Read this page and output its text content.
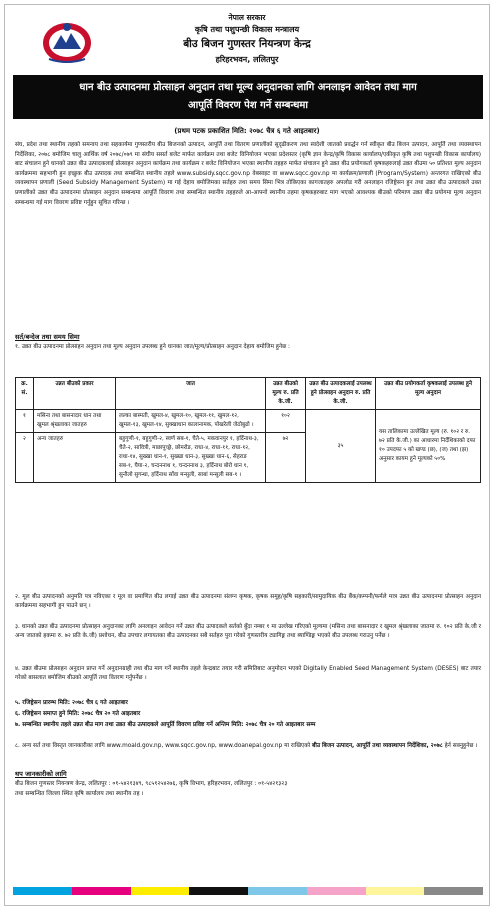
नेपाल सरकार
कृषि तथा पशुपन्छी विकास मन्त्रालय
बीउ बिजन गुणस्तर नियन्त्रण केन्द्र
हरिहरभवन, ललितपुर
धान बीउ उत्पादनमा प्रोत्साहन अनुदान तथा मूल्य अनुदानका लागि अनलाइन आवेदन तथा माग
आपूर्ति विवरण पेश गर्ने सम्बन्धमा
(प्रथम पटक प्रकाशित मिति: २०७८ चैत्र ६ गते आइतबार)
संघ, प्रदेश तथा स्थानीय तहको समन्वय तथा सहकार्यमा गुणस्तरीय बीउ बिजनको उत्पादन, आपूर्ति तथा वितरण प्रणालीको सुदृढीकरण तथा स्वदेशी जातको प्रवर्द्धन गर्न स्वीकृत बीउ बिजन उत्पादन, आपूर्ति तथा व्यवस्थापन निर्देशिका, २०७८ बमोजिम चालु आर्थिक वर्ष २०७८/०७९ मा संघीय ससर्त बजेट मार्फत कार्यक्रम तथा बजेट विनियोजन भएका प्रदेशस्तर (कृषि ज्ञान केन्द्र/कृषि विकास कार्यालय/एकीकृत कृषि तथा पशुपन्छी विकास कार्यालय) बाट संचालन हुने धानको उन्नत बीउ उत्पादकलाई प्रोत्साहन अनुदान कार्यक्रम तथा कार्यक्रम र बजेट विनियोजन भएका स्थानीय तहहरु मार्फत संचालन हुने उन्नत बीउ प्रयोगकर्ता कृषकहरुलाई उन्नत बीउमा ५० प्रतिशत मूल्य अनुदान कार्यक्रममा सहभागी हुन इच्छुक बीउ उत्पादक तथा सम्बन्धित स्थानीय तहले www.subsidy.sqcc.gov.np वेबसाइट वा www.sqcc.gov.np मा कार्यक्रम/प्रणाली (Program/System) अन्तरगत राखिएको बीउ व्यवस्थापन प्रणाली (Seed Subsidy Management System) मा गई देहाय बमोजिमका सर्तहरु तथा समय सिमा भित्र तोकिएका कागजातहरु अपलोड गरी अनलाइन रजिष्ट्रेसन हुन तथा उन्नत बीउ उत्पादकले उक्त प्रणालीको उन्नत बीउ उत्पादनमा प्रोत्साहन अनुदान सम्बन्धमा आपूर्ति विवरण तथा सम्बन्धित स्थानीय तहहरुले आ-आफ्नो स्थानीय तहमा कृषकहरुबाट माग भएको आवश्यक बीउको परिमाण उन्नत बीउ प्रयोगमा मूल्य अनुदान सम्बन्धमा गई माग विवरण प्रविष्ट गर्नुहुन सूचित गरिन्छ ।
सर्त/बन्देज तथा समय सिमा
१. उन्नत बीउ उत्पादनमा प्रोत्साहन अनुदान तथा मूल्य अनुदान उपलब्ध हुने धानका जात/मूल्य/प्रोत्साहन अनुदान देहाय बमोजिम हुनेछ :
क्र. सं.	उन्नत बीउको प्रकार	जात	उन्नत बीउको मूल्य रु. प्रति के.जी.	उन्नत बीउ उत्पादकलाई उपलब्ध हुने प्रोत्साहन अनुदान रु. प्रति के.जी.	उन्नत बीउ प्रयोगकर्ता कृषकलाई उपलब्ध हुने मूल्य अनुदान
१	मसिना तथा बासनादार धान तथा खुमल श्रृंखलाका जातहरु	लल्का बास्मती, खुमल-४, खुमल-१०, खुमल-११, खुमल-१२, खुमल-१३, खुमल-१४, सुक्खाधान कालानामक, पोखरेली जेठोबुढो ।	१०२	३५	यस तालिकामा उल्लेखित मूल्य (रु. १०२ र रु. ७२ प्रति के.जी.) का आधारमा निर्देशिकाको दफा १० उपदफा ५ को खण्ड (छ), (ज) तथा (झ) अनुसार कायम हुने मूल्यको ५०%
२	अन्य जातहरु	बहुगुणी-१, बहुगुणी-२, स्वर्ण सब-१, चैते-५, मकवानपुर १, हर्दिनाथ-३, चैते-२, सावित्री, माछापुच्छ्रे, छोमरोङ, राधा-४, राधा-११, राधा-१२, राधा-१४, सुख्खा धान-१, सुख्खा धान-३, सुख्खा धान-६, सेहराङ सब-१, घैया-२, चन्दननाथ १, चन्दननाथ ३, हर्दिनाथ बोरो धान १, सुनौलो सुगन्धा, हर्दिनाथ साँवा मन्सुली, साबां मन्सुली सब-१ ।	७२		
२. मूल बीउ उत्पादनको अनुमति पत्र नविएका र मूल वा प्रमाणित बीउ लगाई उन्नत बीउ उत्पादनमा संलग्न कृषक, कृषक समूह/कृषि सहकारी/सामुदायिक बीउ बैंक/कम्पनी/फर्मले मात्र उन्नत बीउ उत्पादनमा प्रोत्साहन अनुदान कार्यक्रममा सहभागी हुन पाउने छन् ।
३. धानको उन्नत बीउ उत्पादनमा प्रोत्साहन अनुदानका लागि अनलाइन आवेदन गर्ने उन्नत बीउ उत्पादकले सर्तको बुँदा नम्बर १ मा उल्लेख गरिएको मूल्यमा (मसिना तथा बासनादार र खुमल श्रृंखलाका जातमा रु. १०२ प्रति के.जी र अन्य जातको हकमा रु. ७२ प्रति के.जी) प्रशोधन, बीउ उपचार लगायतका बीउ उत्पादनका सबै सर्तहरु पुरा गरेको गुणस्तरीय ट्यागिङ्ग तथा ब्याण्डिङ्ग भएको बीउ उपलब्ध गराउनु पर्नेछ ।
४. उन्नत बीउमा प्रोत्साहन अनुदान प्राप्त गर्ने अनुदानग्राही तथा बीउ माग गर्ने स्थानीय तहले केन्द्रबाट तयार गरी समितिबाट अनुमोदन भएको Digitally Enabled Seed Management System (DESES) बाट तयार गरेको बासलात बमोजिम बीउको आपूर्ति तथा वितरण गर्नुपर्नेछ ।
५. रजिष्ट्रेसन प्रारम्भ मिति: २०७८ चैत्र ६ गते आइतबार
६. रजिष्ट्रेसन समाप्त हुने मिति: २०७८ चैत्र २० गते आइतबार
७. सम्बन्धित स्थानीय तहले उन्नत बीउ माग तथा उन्नत बीउ उत्पादकले आपूर्ति विवरण प्रविष्ट गर्ने अन्तिम मिति: २०७८ चैत्र २० गते आइतबार सम्म
८. अन्य सर्त तथा विस्तृत जानकारीका लागि www.moald.gov.np, www.sqcc.gov.np, www.doanepal.gov.np मा राखिएको बीउ बिजन उत्पादन, आपूर्ति तथा व्यवस्थापन निर्देशिका, २०७८ हेर्न सक्नुहुनेछ ।
थप जानकारीको लागि
बीउ बिजन गुणस्तर नियन्त्रण केन्द्र, ललितपुर : ०१-५४२१३४९, ९८५१२५४२७६, कृषि विभाग, हरिहरभवन, ललितपुर : ०१-५४२१३२३
तथा सम्बन्धित जिल्ला स्थित कृषि कार्यालय तथा स्थानीय तह ।
